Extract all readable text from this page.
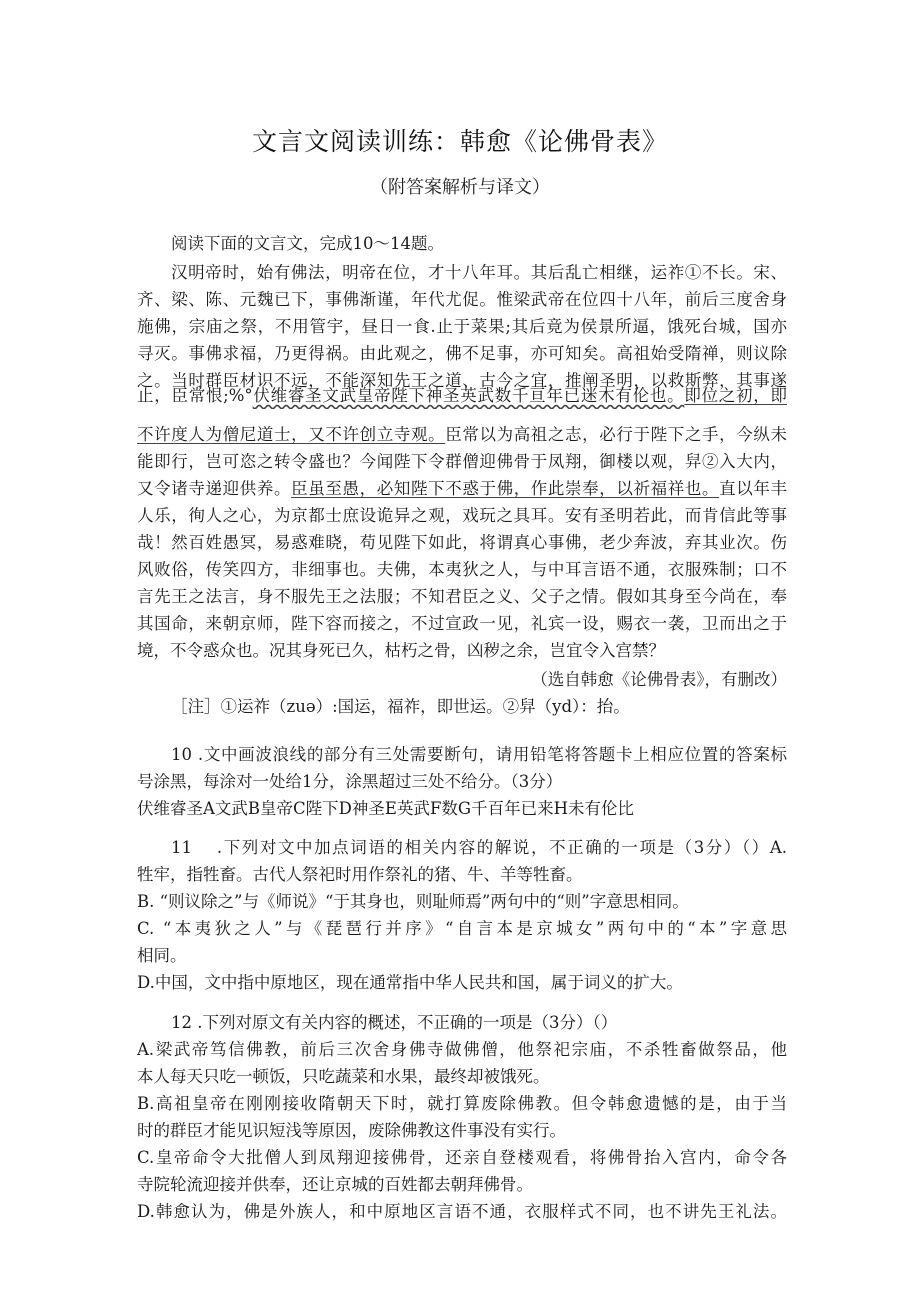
文言文阅读训练：韩愈《论佛骨表》
（附答案解析与译文）
阅读下面的文言文，完成10～14题。
汉明帝时，始有佛法，明帝在位，才十八年耳。其后乱亡相继，运祚①不长。宋、
齐、梁、陈、元魏已下，事佛渐谨，年代尤促。惟梁武帝在位四十八年，前后三度舍身
施佛，宗庙之祭，不用管宇，昼日一食.止于菜果;其后竟为侯景所逼，饿死台城，国亦
寻灭。事佛求福，乃更得祸。由此观之，佛不足事，亦可知矣。高祖始受隋禅，则议除
之。当时群臣材识不远，不能深知先王之道、古今之宜，推阐圣明，以救斯弊，其事遂
止，臣常恨;%°伏维睿圣文武皇帝陛下神圣英武数千亘年已迷木有伦也。即位之初，即
不许度人为僧尼道士，又不许创立寺观。臣常以为高祖之志，必行于陛下之手，今纵未
能即行，岂可恣之转令盛也？今闻陛下令群僧迎佛骨于凤翔，御楼以观，舁②入大内，
又令诸寺递迎供养。臣虽至愚，必知陛下不惑于佛，作此崇奉，以祈福祥也。直以年丰
人乐，徇人之心，为京都士庶设诡异之观，戏玩之具耳。安有圣明若此，而肯信此等事
哉！然百姓愚冥，易惑难晓，苟见陛下如此，将谓真心事佛，老少奔波，弃其业次。伤
风败俗，传笑四方，非细事也。夫佛，本夷狄之人，与中耳言语不通，衣服殊制；口不
言先王之法言，身不服先王之法服；不知君臣之义、父子之情。假如其身至今尚在，奉
其国命，来朝京师，陛下容而接之，不过宣政一见，礼宾一设，赐衣一袭，卫而出之于
境，不令惑众也。况其身死已久，枯朽之骨，凶秽之余，岂宜令入宫禁？
（选自韩愈《论佛骨表》，有删改）
［注］①运祚（zuə）:国运，福祚，即世运。②舁（yd）：抬。
10 .文中画波浪线的部分有三处需要断句，请用铅笔将答题卡上相应位置的答案标
号涂黑，每涂对一处给1分，涂黑超过三处不给分。（3分）
伏维睿圣A文武B皇帝C陛下D神圣E英武F数G千百年已来H未有伦比
11 　.下列对文中加点词语的相关内容的解说，不正确的一项是（3分）（）A.
牲牢，指牲畜。古代人祭祀时用作祭礼的猪、牛、羊等牲畜。
B. “则议除之”与《师说》“于其身也，则耻师焉”两句中的“则”字意思相同。
C. “本夷狄之人”与《琵琶行并序》“自言本是京城女”两句中的“本”字意思
相同。
D.中国，文中指中原地区，现在通常指中华人民共和国，属于词义的扩大。
12 .下列对原文有关内容的概述，不正确的一项是（3分）（）
A.梁武帝笃信佛教，前后三次舍身佛寺做佛僧，他祭祀宗庙，不杀牲畜做祭品，他
本人每天只吃一顿饭，只吃蔬菜和水果，最终却被饿死。
B.高祖皇帝在刚刚接收隋朝天下时，就打算废除佛教。但令韩愈遗憾的是，由于当
时的群臣才能见识短浅等原因，废除佛教这件事没有实行。
C.皇帝命令大批僧人到凤翔迎接佛骨，还亲自登楼观看，将佛骨抬入宫内，命令各
寺院轮流迎接并供奉，还让京城的百姓都去朝拜佛骨。
D.韩愈认为，佛是外族人，和中原地区言语不通，衣服样式不同，也不讲先王礼法。
